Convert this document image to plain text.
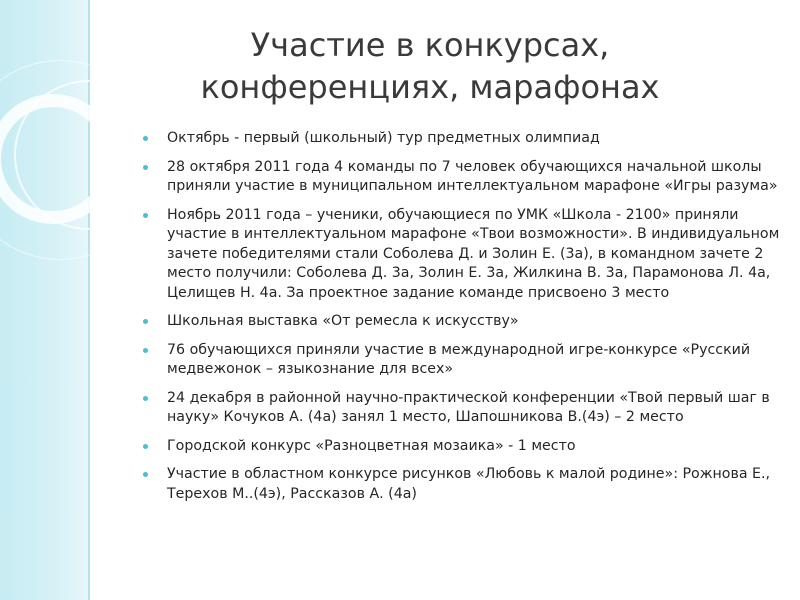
Участие в конкурсах,
конференциях, марафонах
Октябрь - первый (школьный) тур предметных олимпиад
28 октября 2011 года 4 команды по 7 человек обучающихся начальной школы приняли участие в муниципальном интеллектуальном марафоне «Игры разума»
Ноябрь 2011 года – ученики, обучающиеся по УМК «Школа - 2100» приняли участие в интеллектуальном марафоне «Твои возможности». В индивидуальном зачете победителями стали Соболева Д. и Золин Е. (3а), в командном зачете 2 место получили: Соболева Д. 3а, Золин Е. 3а, Жилкина В. 3а, Парамонова Л. 4а, Целищев Н. 4а. За проектное задание команде присвоено 3 место
Школьная выставка «От ремесла к искусству»
76 обучающихся приняли участие в международной игре-конкурсе «Русский медвежонок – языкознание для всех»
24 декабря в районной научно-практической конференции «Твой первый шаг в науку» Кочуков А. (4а) занял 1 место, Шапошникова В.(4э) – 2 место
Городской конкурс «Разноцветная мозаика» - 1 место
Участие в областном конкурсе рисунков «Любовь к малой родине»: Рожнова Е., Терехов М..(4э), Рассказов А. (4а)
